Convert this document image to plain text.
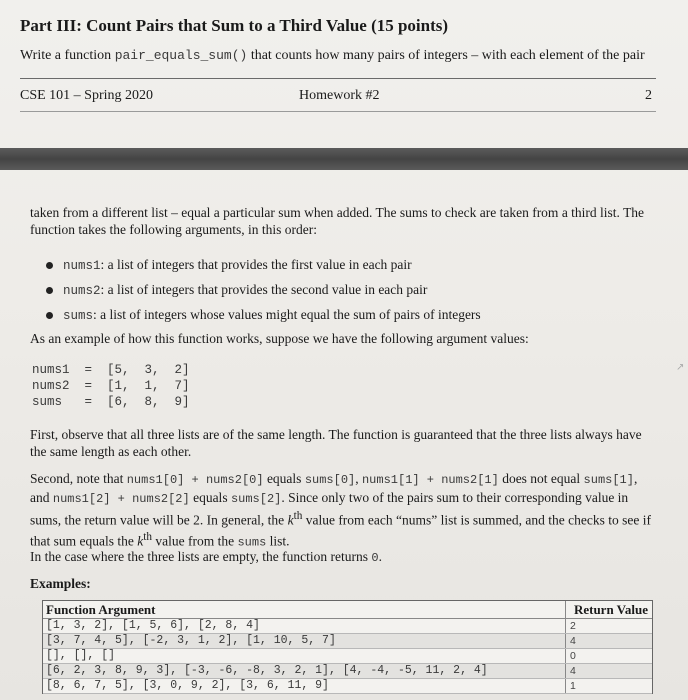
Part III: Count Pairs that Sum to a Third Value (15 points)
Write a function pair_equals_sum() that counts how many pairs of integers – with each element of the pair
CSE 101 – Spring 2020	Homework #2	2
taken from a different list – equal a particular sum when added. The sums to check are taken from a third list. The function takes the following arguments, in this order:
nums1: a list of integers that provides the first value in each pair
nums2: a list of integers that provides the second value in each pair
sums: a list of integers whose values might equal the sum of pairs of integers
As an example of how this function works, suppose we have the following argument values:
nums1  =  [5,  3,  2]
nums2  =  [1,  1,  7]
sums   =  [6,  8,  9]
↗
First, observe that all three lists are of the same length. The function is guaranteed that the three lists always have the same length as each other.
Second, note that nums1[0] + nums2[0] equals sums[0], nums1[1] + nums2[1] does not equal sums[1], and nums1[2] + nums2[2] equals sums[2]. Since only two of the pairs sum to their corresponding value in sums, the return value will be 2. In general, the $k^{th}$ value from each “nums” list is summed, and the checks to see if that sum equals the $k^{th}$ value from the sums list.
In the case where the three lists are empty, the function returns 0.
Examples:
Function Argument	Return Value
[1, 3, 2], [1, 5, 6], [2, 8, 4]	2
[3, 7, 4, 5], [-2, 3, 1, 2], [1, 10, 5, 7]	4
[], [], []	0
[6, 2, 3, 8, 9, 3], [-3, -6, -8, 3, 2, 1], [4, -4, -5, 11, 2, 4]	4
[8, 6, 7, 5], [3, 0, 9, 2], [3, 6, 11, 9]	1
